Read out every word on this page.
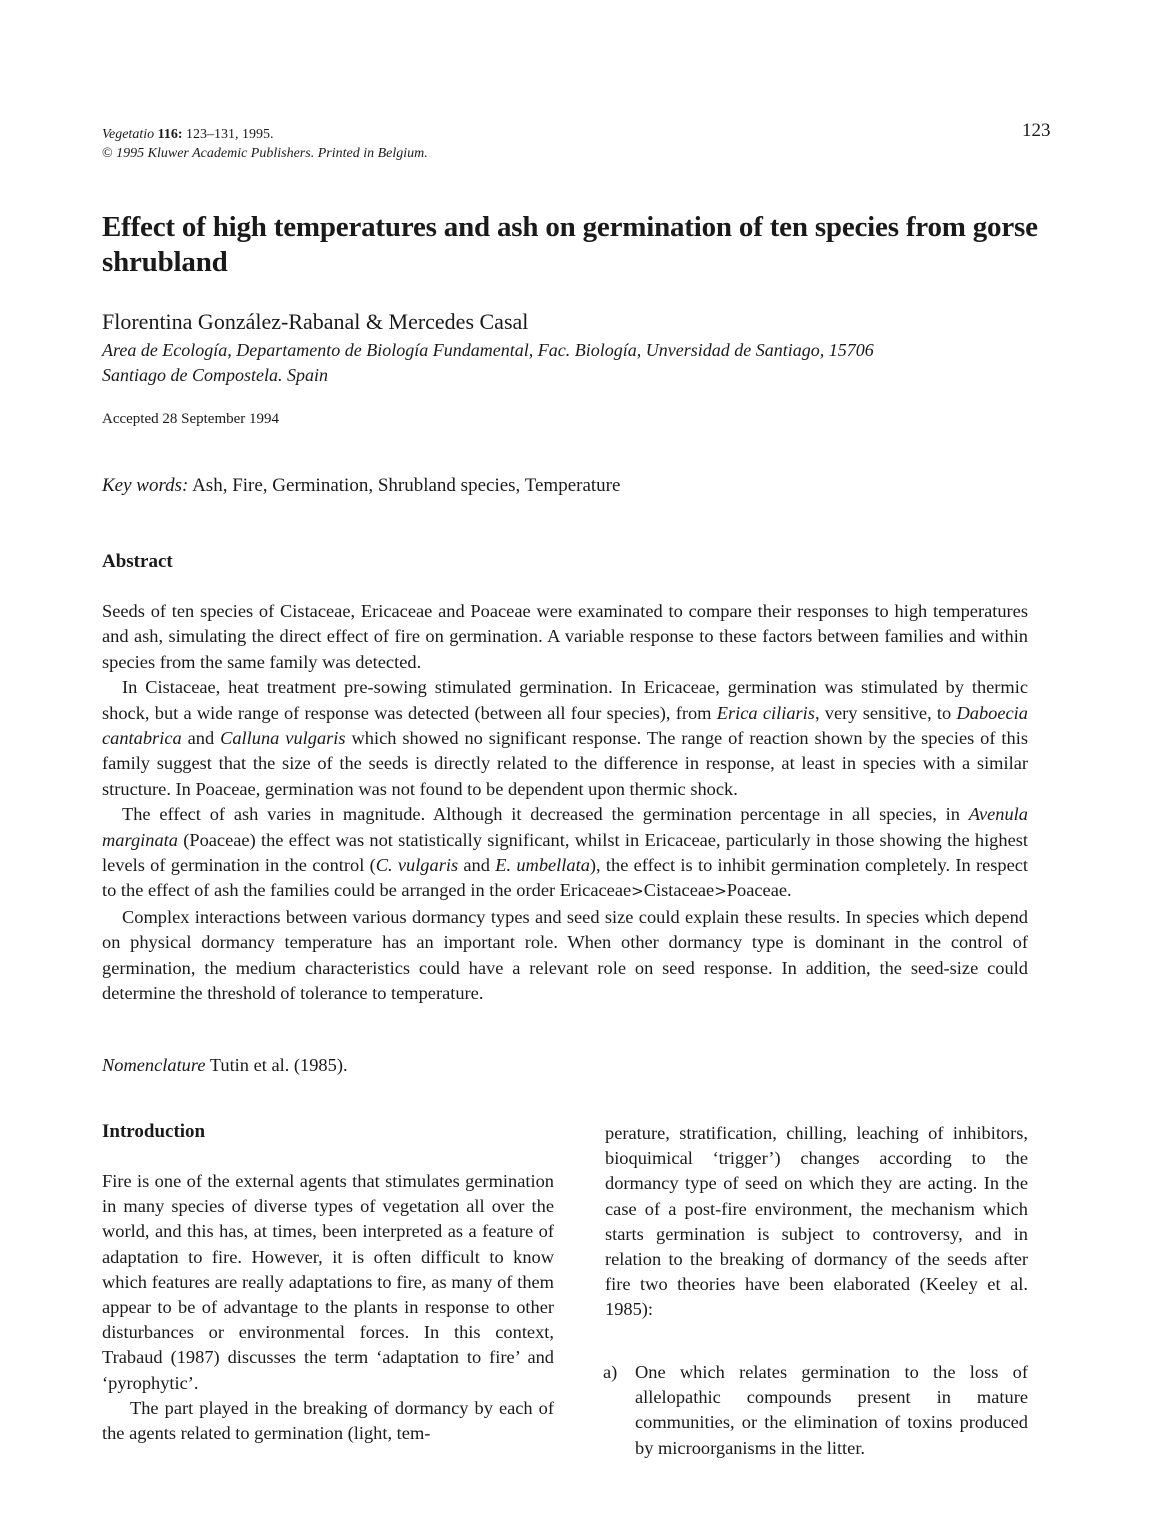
Vegetatio 116: 123–131, 1995.
© 1995 Kluwer Academic Publishers. Printed in Belgium.
123
Effect of high temperatures and ash on germination of ten species from gorse shrubland
Florentina González-Rabanal & Mercedes Casal
Area de Ecología, Departamento de Biología Fundamental, Fac. Biología, Unversidad de Santiago, 15706
Santiago de Compostela. Spain
Accepted 28 September 1994
Key words: Ash, Fire, Germination, Shrubland species, Temperature
Abstract

Seeds of ten species of Cistaceae, Ericaceae and Poaceae were examinated to compare their responses to high temperatures and ash, simulating the direct effect of fire on germination. A variable response to these factors between families and within species from the same family was detected.

In Cistaceae, heat treatment pre-sowing stimulated germination. In Ericaceae, germination was stimulated by thermic shock, but a wide range of response was detected (between all four species), from Erica ciliaris, very sensitive, to Daboecia cantabrica and Calluna vulgaris which showed no significant response. The range of reaction shown by the species of this family suggest that the size of the seeds is directly related to the difference in response, at least in species with a similar structure. In Poaceae, germination was not found to be dependent upon thermic shock.

The effect of ash varies in magnitude. Although it decreased the germination percentage in all species, in Avenula marginata (Poaceae) the effect was not statistically significant, whilst in Ericaceae, particularly in those showing the highest levels of germination in the control (C. vulgaris and E. umbellata), the effect is to inhibit germination completely. In respect to the effect of ash the families could be arranged in the order Ericaceae>Cistaceae>Poaceae.

Complex interactions between various dormancy types and seed size could explain these results. In species which depend on physical dormancy temperature has an important role. When other dormancy type is dominant in the control of germination, the medium characteristics could have a relevant role on seed response. In addition, the seed-size could determine the threshold of tolerance to temperature.

Nomenclature Tutin et al. (1985).
Introduction

Fire is one of the external agents that stimulates germination in many species of diverse types of vegetation all over the world, and this has, at times, been interpreted as a feature of adaptation to fire. However, it is often difficult to know which features are really adaptations to fire, as many of them appear to be of advantage to the plants in response to other disturbances or environmental forces. In this context, Trabaud (1987) discusses the term ‘adaptation to fire’ and ‘pyrophytic’.

The part played in the breaking of dormancy by each of the agents related to germination (light, tem-

perature, stratification, chilling, leaching of inhibitors, bioquimical ‘trigger’) changes according to the dormancy type of seed on which they are acting. In the case of a post-fire environment, the mechanism which starts germination is subject to controversy, and in relation to the breaking of dormancy of the seeds after fire two theories have been elaborated (Keeley et al. 1985):

a) One which relates germination to the loss of allelopathic compounds present in mature communities, or the elimination of toxins produced by microorganisms in the litter.
